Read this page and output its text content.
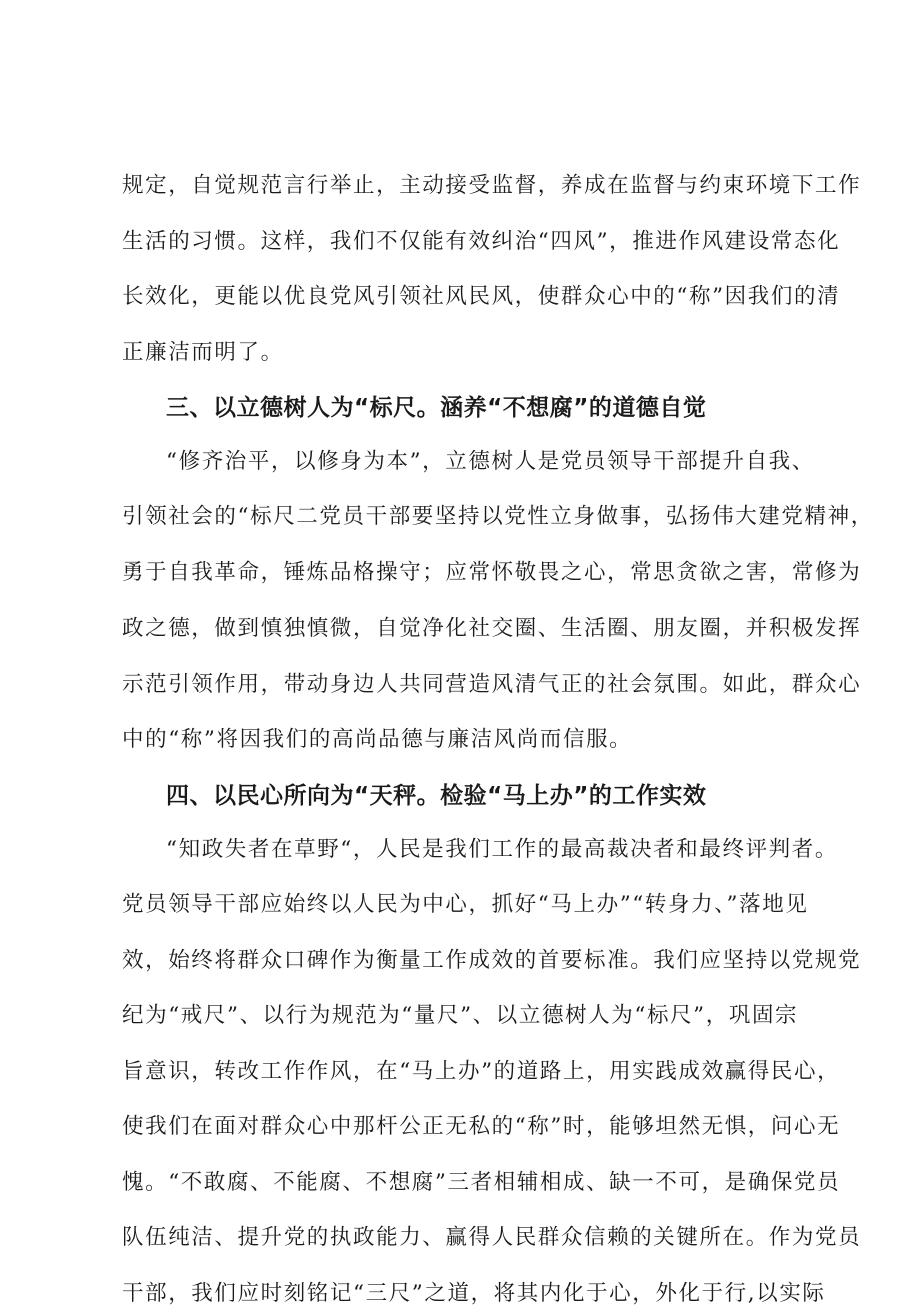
规定，自觉规范言行举止，主动接受监督，养成在监督与约束环境下工作
生活的习惯。这样，我们不仅能有效纠治“四风”，推进作风建设常态化
长效化，更能以优良党风引领社风民风，使群众心中的“称”因我们的清
正廉洁而明了。
三、以立德树人为“标尺。涵养“不想腐”的道德自觉
“修齐治平，以修身为本”，立德树人是党员领导干部提升自我、
引领社会的“标尺二党员干部要坚持以党性立身做事，弘扬伟大建党精神，
勇于自我革命，锤炼品格操守；应常怀敬畏之心，常思贪欲之害，常修为
政之德，做到慎独慎微，自觉净化社交圈、生活圈、朋友圈，并积极发挥
示范引领作用，带动身边人共同营造风清气正的社会氛围。如此，群众心
中的“称”将因我们的高尚品德与廉洁风尚而信服。
四、以民心所向为“天秤。检验“马上办”的工作实效
“知政失者在草野“，人民是我们工作的最高裁决者和最终评判者。
党员领导干部应始终以人民为中心，抓好“马上办”“转身力、”落地见
效，始终将群众口碑作为衡量工作成效的首要标准。我们应坚持以党规党
纪为“戒尺”、以行为规范为“量尺”、以立德树人为“标尺”，巩固宗
旨意识，转改工作作风，在“马上办”的道路上，用实践成效赢得民心，
使我们在面对群众心中那杆公正无私的“称”时，能够坦然无惧，问心无
愧。“不敢腐、不能腐、不想腐”三者相辅相成、缺一不可，是确保党员
队伍纯洁、提升党的执政能力、赢得人民群众信赖的关键所在。作为党员
干部，我们应时刻铭记“三尺”之道，将其内化于心，外化于行,以实际
